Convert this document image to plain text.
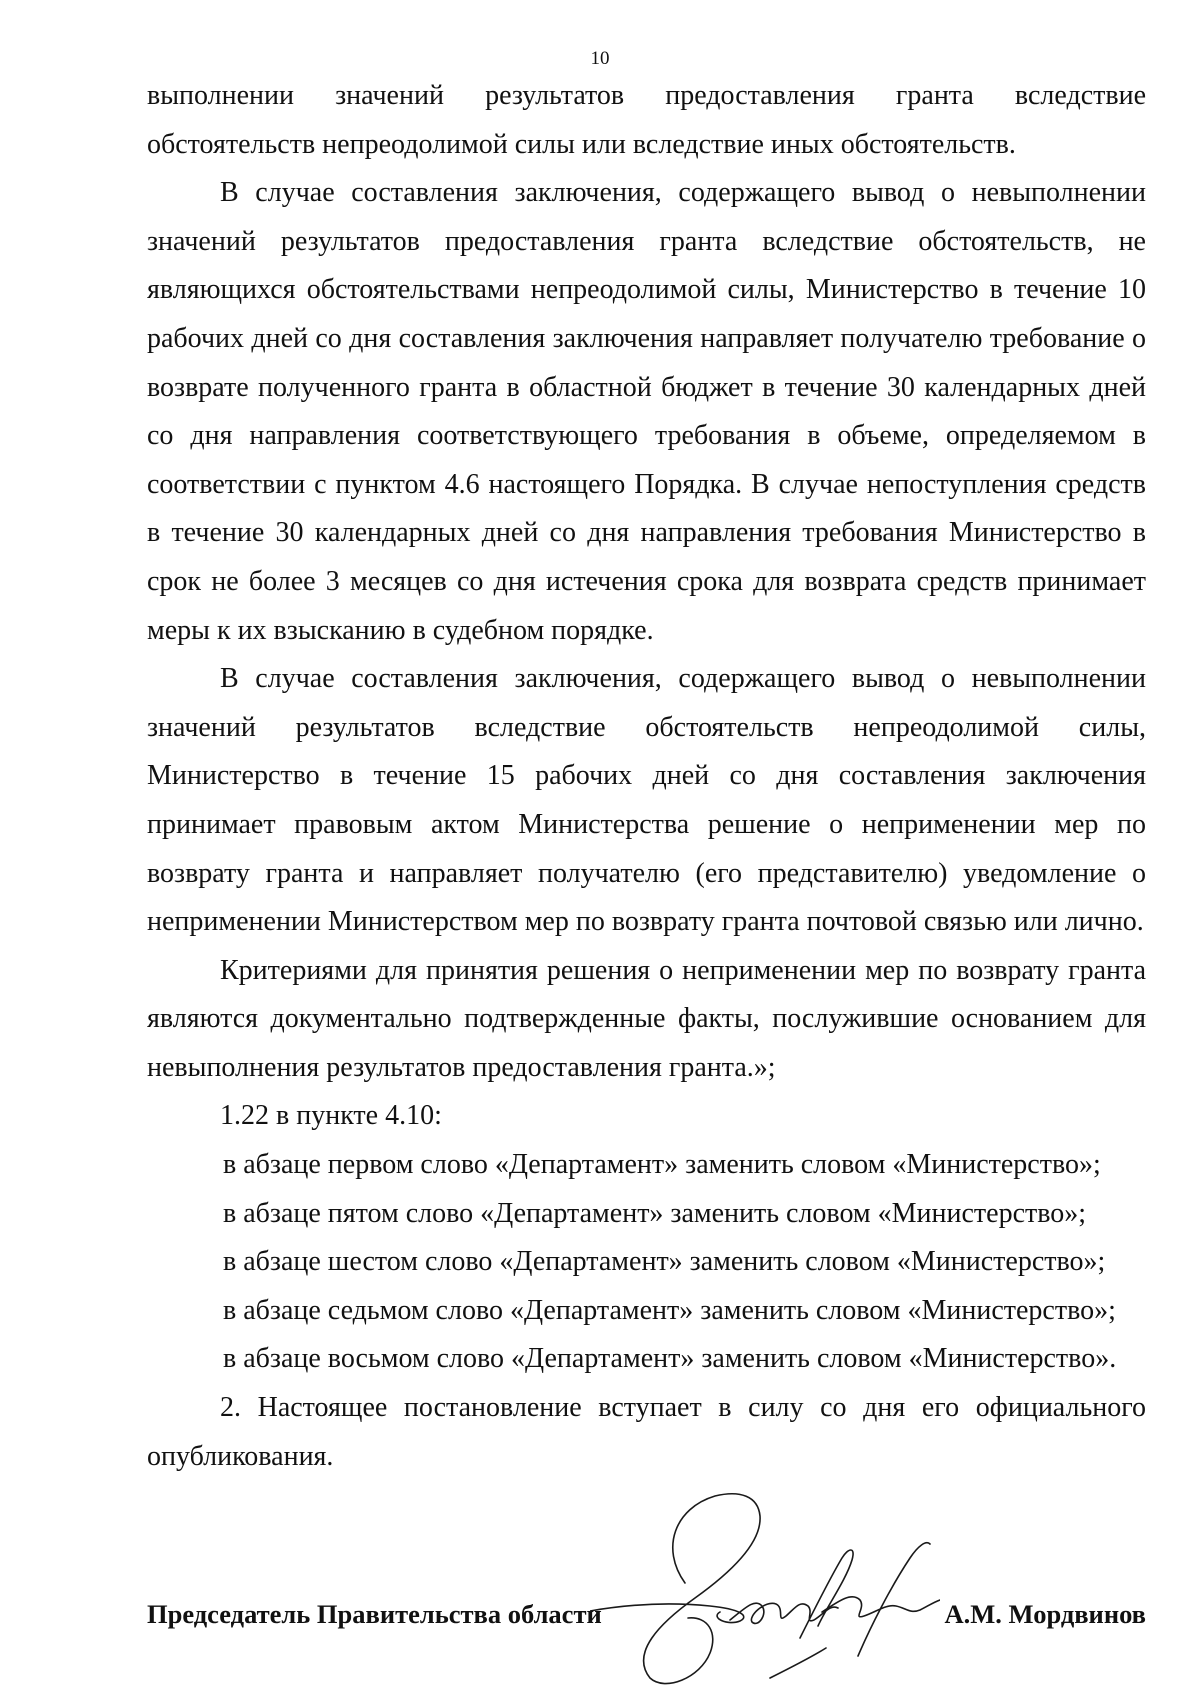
10

выполнении значений результатов предоставления гранта вследствие обстоятельств непреодолимой силы или вследствие иных обстоятельств.

В случае составления заключения, содержащего вывод о невыполнении значений результатов предоставления гранта вследствие обстоятельств, не являющихся обстоятельствами непреодолимой силы, Министерство в течение 10 рабочих дней со дня составления заключения направляет получателю требование о возврате полученного гранта в областной бюджет в течение 30 календарных дней со дня направления соответствующего требования в объеме, определяемом в соответствии с пунктом 4.6 настоящего Порядка. В случае непоступления средств в течение 30 календарных дней со дня направления требования Министерство в срок не более 3 месяцев со дня истечения срока для возврата средств принимает меры к их взысканию в судебном порядке.

В случае составления заключения, содержащего вывод о невыполнении значений результатов вследствие обстоятельств непреодолимой силы, Министерство в течение 15 рабочих дней со дня составления заключения принимает правовым актом Министерства решение о неприменении мер по возврату гранта и направляет получателю (его представителю) уведомление о неприменении Министерством мер по возврату гранта почтовой связью или лично.

Критериями для принятия решения о неприменении мер по возврату гранта являются документально подтвержденные факты, послужившие основанием для невыполнения результатов предоставления гранта.»;

1.22 в пункте 4.10:

в абзаце первом слово «Департамент» заменить словом «Министерство»;

в абзаце пятом слово «Департамент» заменить словом «Министерство»;

в абзаце шестом слово «Департамент» заменить словом «Министерство»;

в абзаце седьмом слово «Департамент» заменить словом «Министерство»;

в абзаце восьмом слово «Департамент» заменить словом «Министерство».

2. Настоящее постановление вступает в силу со дня его официального опубликования.

Председатель Правительства области	А.М. Мордвинов
